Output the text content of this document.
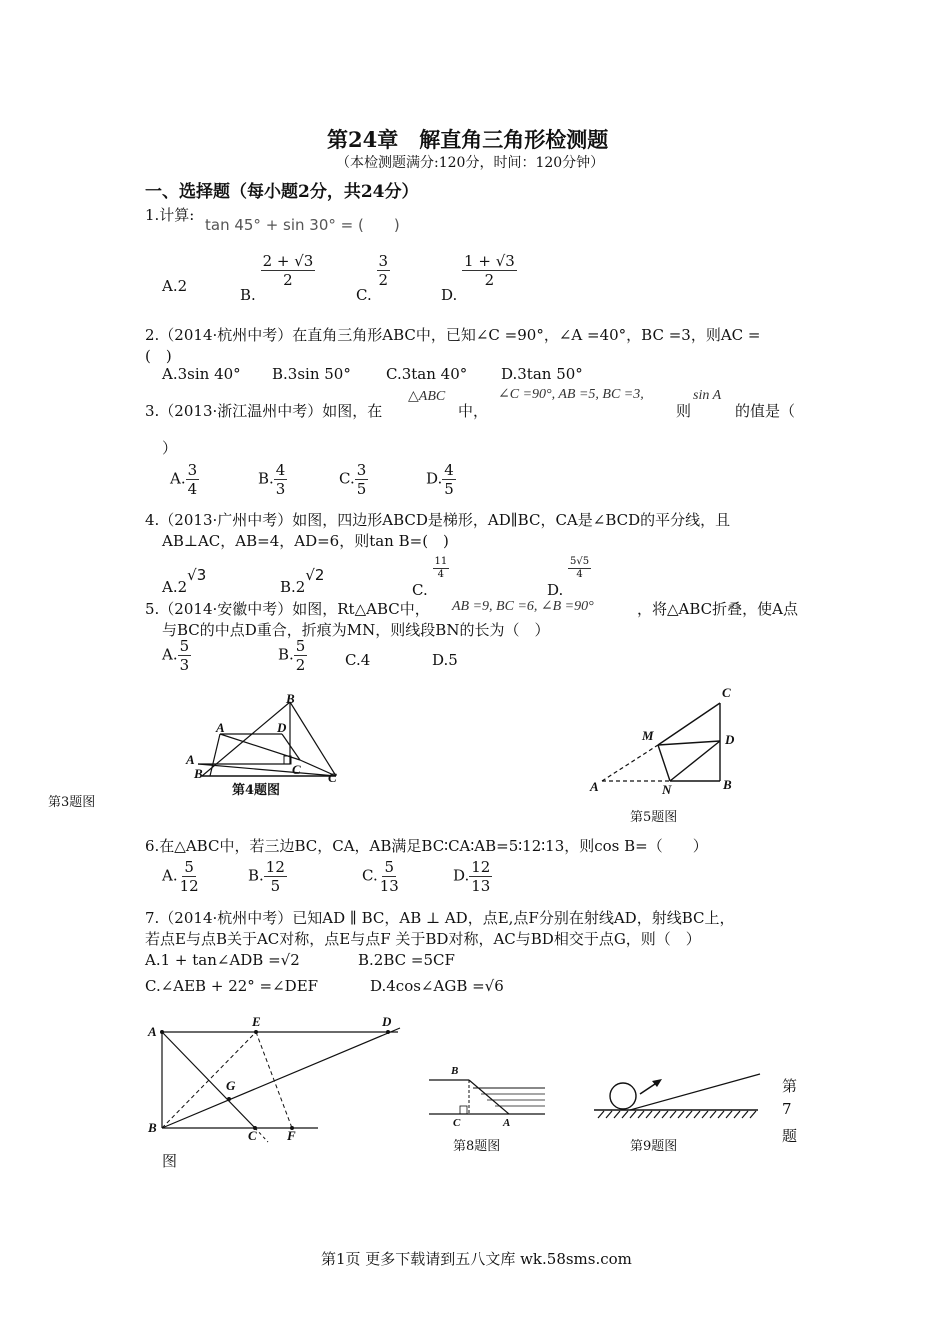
第24章　解直角三角形检测题
（本检测题满分:120分，时间：120分钟）
一、选择题（每小题2分，共24分）
1.计算:
tan 45° + sin 30° = (　　)
A.2	B.
$\frac{2 + √3}{2}$
C.
$\frac{3}{2}$
D.
$\frac{1 + √3}{2}$
2.（2014·杭州中考）在直角三角形ABC中，已知∠C =90°，∠A =40°，BC =3，则AC =
(　)
A.3sin 40° B.3sin 50° C.3tan 40° D.3tan 50°
3.（2013·浙江温州中考）如图，在
△ABC
中，
∠C =90°, AB =5, BC =3,
则
sin A
的值是（
）
A. $\frac{3}{4}$	B. $\frac{4}{3}$	C. $\frac{3}{5}$	D. $\frac{4}{5}$
4.（2013·广州中考）如图，四边形ABCD是梯形，AD∥BC，CA是∠BCD的平分线，且
AB⊥AC，AB=4，AD=6，则tan B=(　)
A.2√3
B.2√2
C.
$\frac{11}{4}$
D.
$\frac{5√5}{4}$
5.（2014·安徽中考）如图，Rt△ABC中， AB =9, BC =6, ∠B =90°	，将△ABC折叠，使A点
与BC的中点D重合，折痕为MN，则线段BN的长为（　）
A. $\frac{5}{3}$	B. $\frac{5}{2}$	C.4	D.5
B
A	D
A
B	C
C
第4题图
第3题图
C
M	D
A	N	B
第5题图
6.在△ABC中，若三边BC，CA，AB满足BC∶CA∶AB=5∶12∶13，则cos B=（　　）
A. $\frac{5}{12}$	B. $\frac{12}{5}$	C. $\frac{5}{13}$	D. $\frac{12}{13}$
7.（2014·杭州中考）已知AD ∥ BC，AB ⊥ AD，点E,点F分别在射线AD，射线BC上，
若点E与点B关于AC对称，点E与点F 关于BD对称，AC与BD相交于点G，则（　）
A.1 + tan∠ADB =√2	B.2BC =5CF
C.∠AEB + 22° =∠DEF	D.4cos∠AGB =√6
A
E	D
G
B
C F
图
第
7
题
B
C	A
第8题图	第9题图
第1页 更多下载请到五八文库 wk.58sms.com
